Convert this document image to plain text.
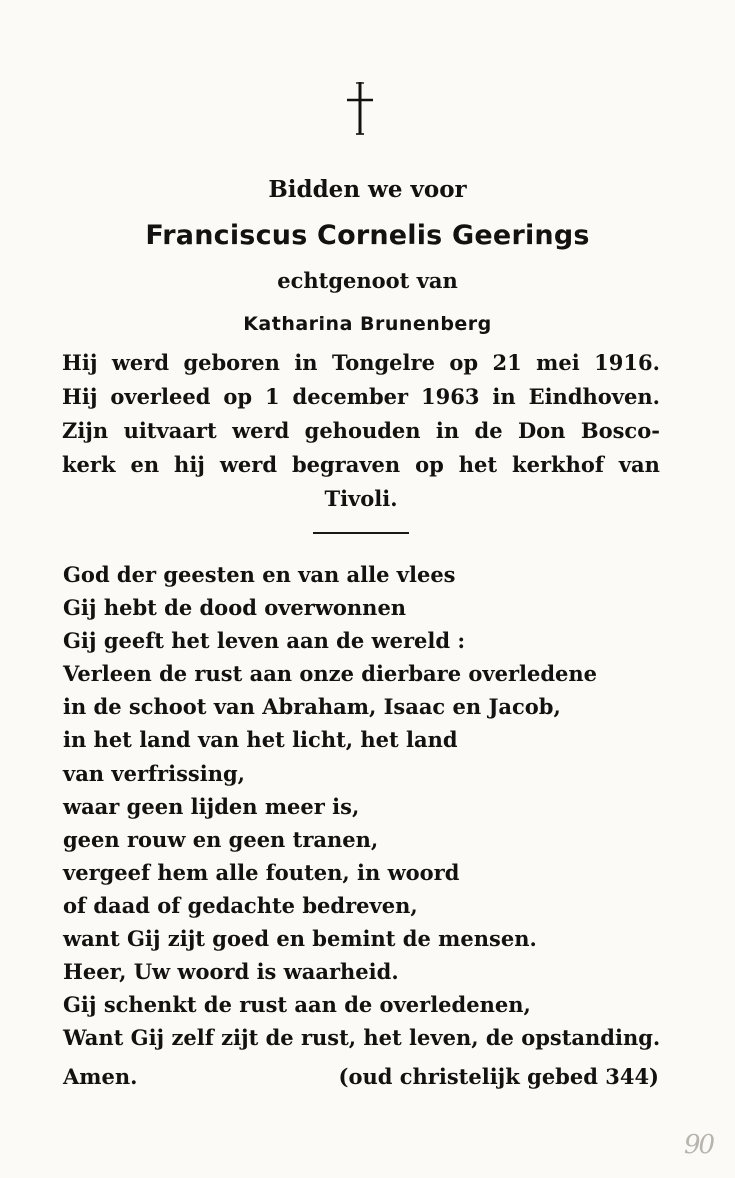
Bidden we voor
Franciscus Cornelis Geerings
echtgenoot van
Katharina Brunenberg
Hij werd geboren in Tongelre op 21 mei 1916.
Hij overleed op 1 december 1963 in Eindhoven.
Zijn uitvaart werd gehouden in de Don Bosco-
kerk en hij werd begraven op het kerkhof van
Tivoli.
God der geesten en van alle vlees
Gij hebt de dood overwonnen
Gij geeft het leven aan de wereld :
Verleen de rust aan onze dierbare overledene
in de schoot van Abraham, Isaac en Jacob,
in het land van het licht, het land
van verfrissing,
waar geen lijden meer is,
geen rouw en geen tranen,
vergeef hem alle fouten, in woord
of daad of gedachte bedreven,
want Gij zijt goed en bemint de mensen.
Heer, Uw woord is waarheid.
Gij schenkt de rust aan de overledenen,
Want Gij zelf zijt de rust, het leven, de opstanding.
Amen.	(oud christelijk gebed 344)
90
